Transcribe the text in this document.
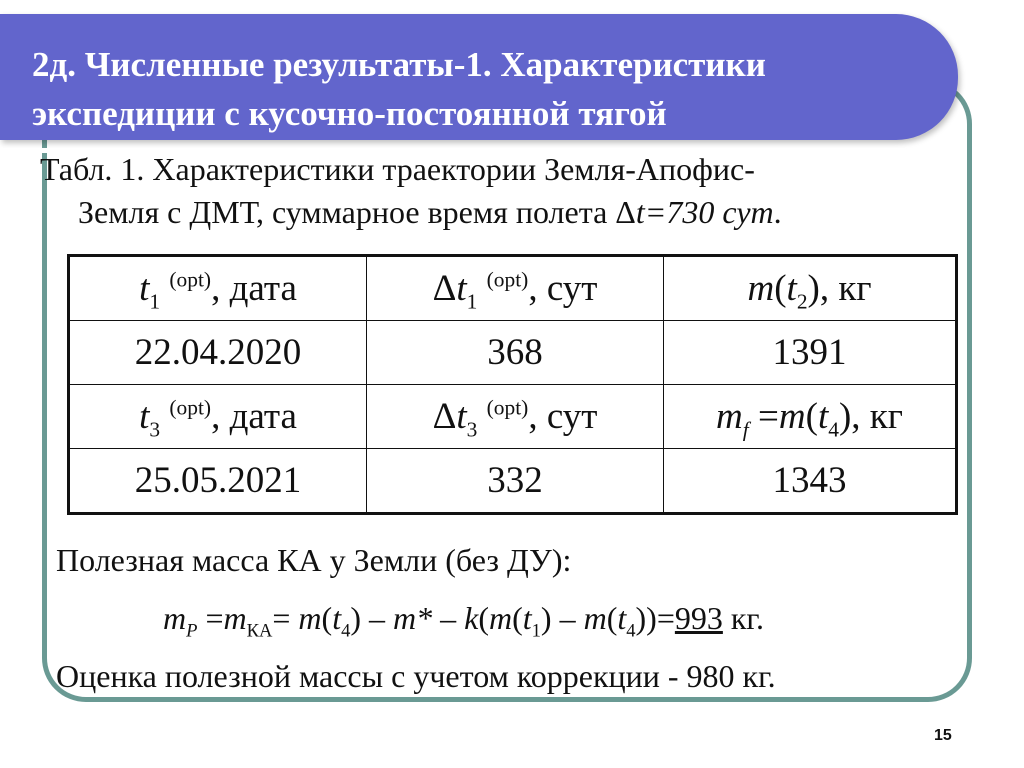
2д. Численные результаты-1. Характеристики
экспедиции с кусочно-постоянной тягой
Табл. 1. Характеристики траектории Земля-Апофис-
Земля с ДМТ, суммарное время полета Δt=730 сут.
$t_1$ $^{(opt)}$, дата	$\Delta t_1$ $^{(opt)}$, сут	$m(t_2)$, кг
22.04.2020	368	1391
$t_3$ $^{(opt)}$, дата	$\Delta t_3$ $^{(opt)}$, сут	$m_f =m(t_4)$, кг
25.05.2021	332	1343
Полезная масса КА у Земли (без ДУ):
$m_P =m_{КА}= m(t_4) - m* - k(m(t_1) - m(t_4))=993$ кг.
Оценка полезной массы с учетом коррекции - 980 кг.
15
